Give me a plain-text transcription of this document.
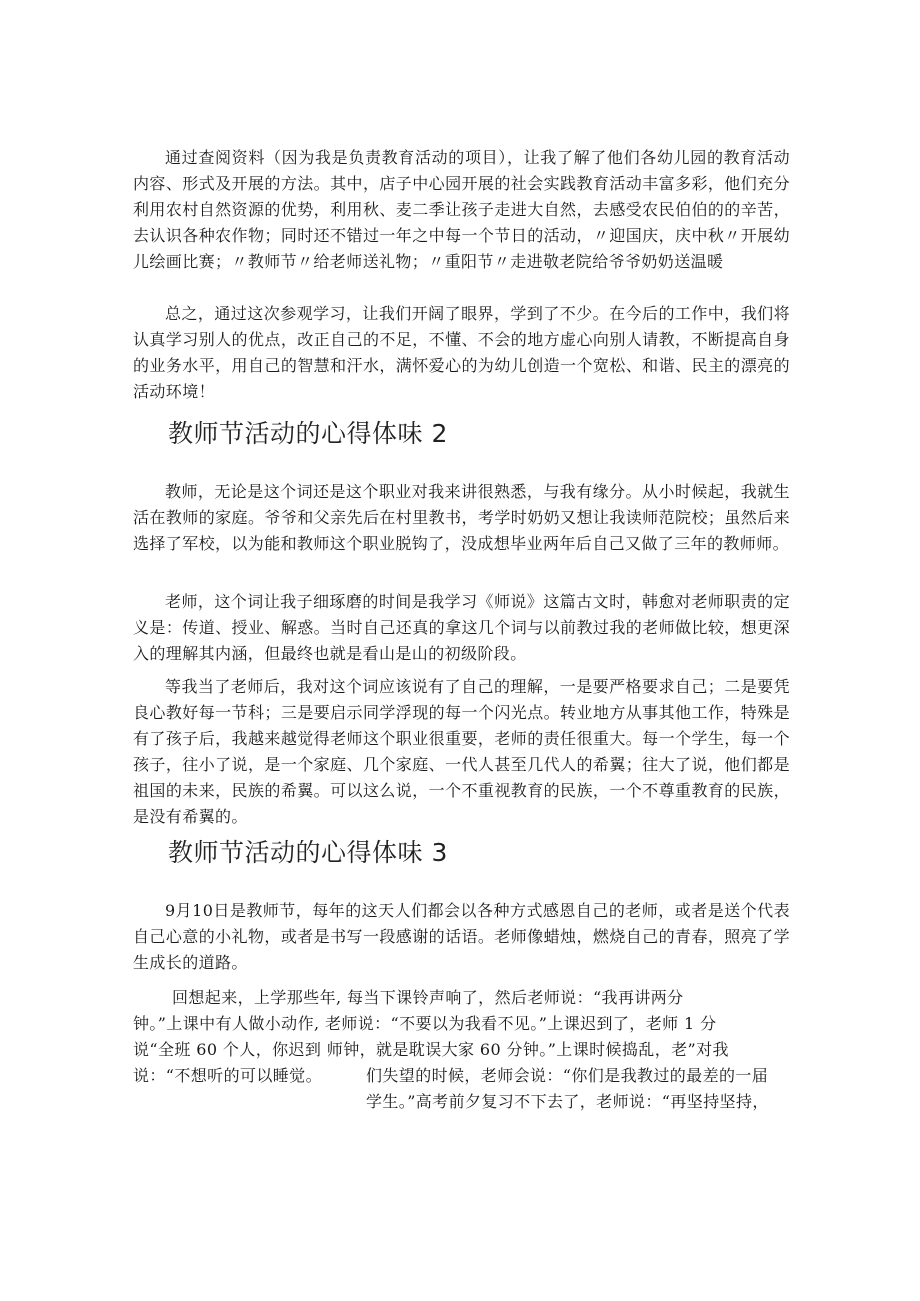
通过查阅资料（因为我是负责教育活动的项目），让我了解了他们各幼儿园的教育活动内容、形式及开展的方法。其中，店子中心园开展的社会实践教育活动丰富多彩，他们充分利用农村自然资源的优势，利用秋、麦二季让孩子走进大自然，去感受农民伯伯的的辛苦，去认识各种农作物；同时还不错过一年之中每一个节日的活动，〃迎国庆，庆中秋〃开展幼儿绘画比赛；〃教师节〃给老师送礼物；〃重阳节〃走进敬老院给爷爷奶奶送温暖

总之，通过这次参观学习，让我们开阔了眼界，学到了不少。在今后的工作中，我们将认真学习别人的优点，改正自己的不足，不懂、不会的地方虚心向别人请教，不断提高自身的业务水平，用自己的智慧和汗水，满怀爱心的为幼儿创造一个宽松、和谐、民主的漂亮的活动环境！

教师节活动的心得体味 2

教师，无论是这个词还是这个职业对我来讲很熟悉，与我有缘分。从小时候起，我就生活在教师的家庭。爷爷和父亲先后在村里教书，考学时奶奶又想让我读师范院校；虽然后来选择了军校，以为能和教师这个职业脱钩了，没成想毕业两年后自己又做了三年的教师师。

老师，这个词让我子细琢磨的时间是我学习《师说》这篇古文时，韩愈对老师职责的定义是：传道、授业、解惑。当时自己还真的拿这几个词与以前教过我的老师做比较，想更深入的理解其内涵，但最终也就是看山是山的初级阶段。

等我当了老师后，我对这个词应该说有了自己的理解，一是要严格要求自己；二是要凭良心教好每一节科；三是要启示同学浮现的每一个闪光点。转业地方从事其他工作，特殊是有了孩子后，我越来越觉得老师这个职业很重要，老师的责任很重大。每一个学生，每一个孩子，往小了说，是一个家庭、几个家庭、一代人甚至几代人的希翼；往大了说，他们都是祖国的未来，民族的希翼。可以这么说，一个不重视教育的民族，一个不尊重教育的民族，是没有希翼的。

教师节活动的心得体味 3

9月10日是教师节，每年的这天人们都会以各种方式感恩自己的老师，或者是送个代表自己心意的小礼物，或者是书写一段感谢的话语。老师像蜡烛，燃烧自己的青春，照亮了学生成长的道路。

回想起来，上学那些年, 每当下课铃声响了，然后老师说：“我再讲两分

钟。”上课中有人做小动作, 老师说：“不要以为我看不见。”上课迟到了，老师 1 分

说“全班 60 个人，你迟到 师钟，就是耽误大家 60 分钟。”上课时候捣乱，老”对我

说：“不想听的可以睡觉。	们失望的时候，老师会说：“你们是我教过的最差的一届

学生。”高考前夕复习不下去了，老师说：“再坚持坚持，
